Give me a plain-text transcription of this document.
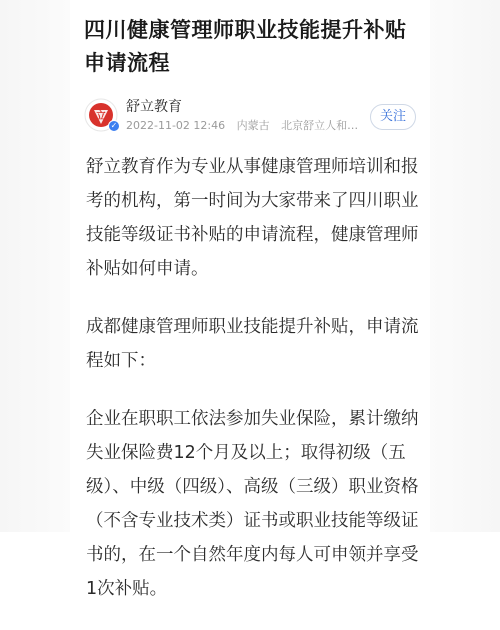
四川健康管理师职业技能提升补贴申请流程
立
✓
舒立教育
2022-11-02 12:46 内蒙古 北京舒立人和…
关注

舒立教育作为专业从事健康管理师培训和报考的机构，第一时间为大家带来了四川职业技能等级证书补贴的申请流程，健康管理师补贴如何申请。

成都健康管理师职业技能提升补贴，申请流程如下：

企业在职职工依法参加失业保险，累计缴纳失业保险费12个月及以上；取得初级（五级）、中级（四级）、高级（三级）职业资格（不含专业技术类）证书或职业技能等级证书的，在一个自然年度内每人可申领并享受1次补贴。
